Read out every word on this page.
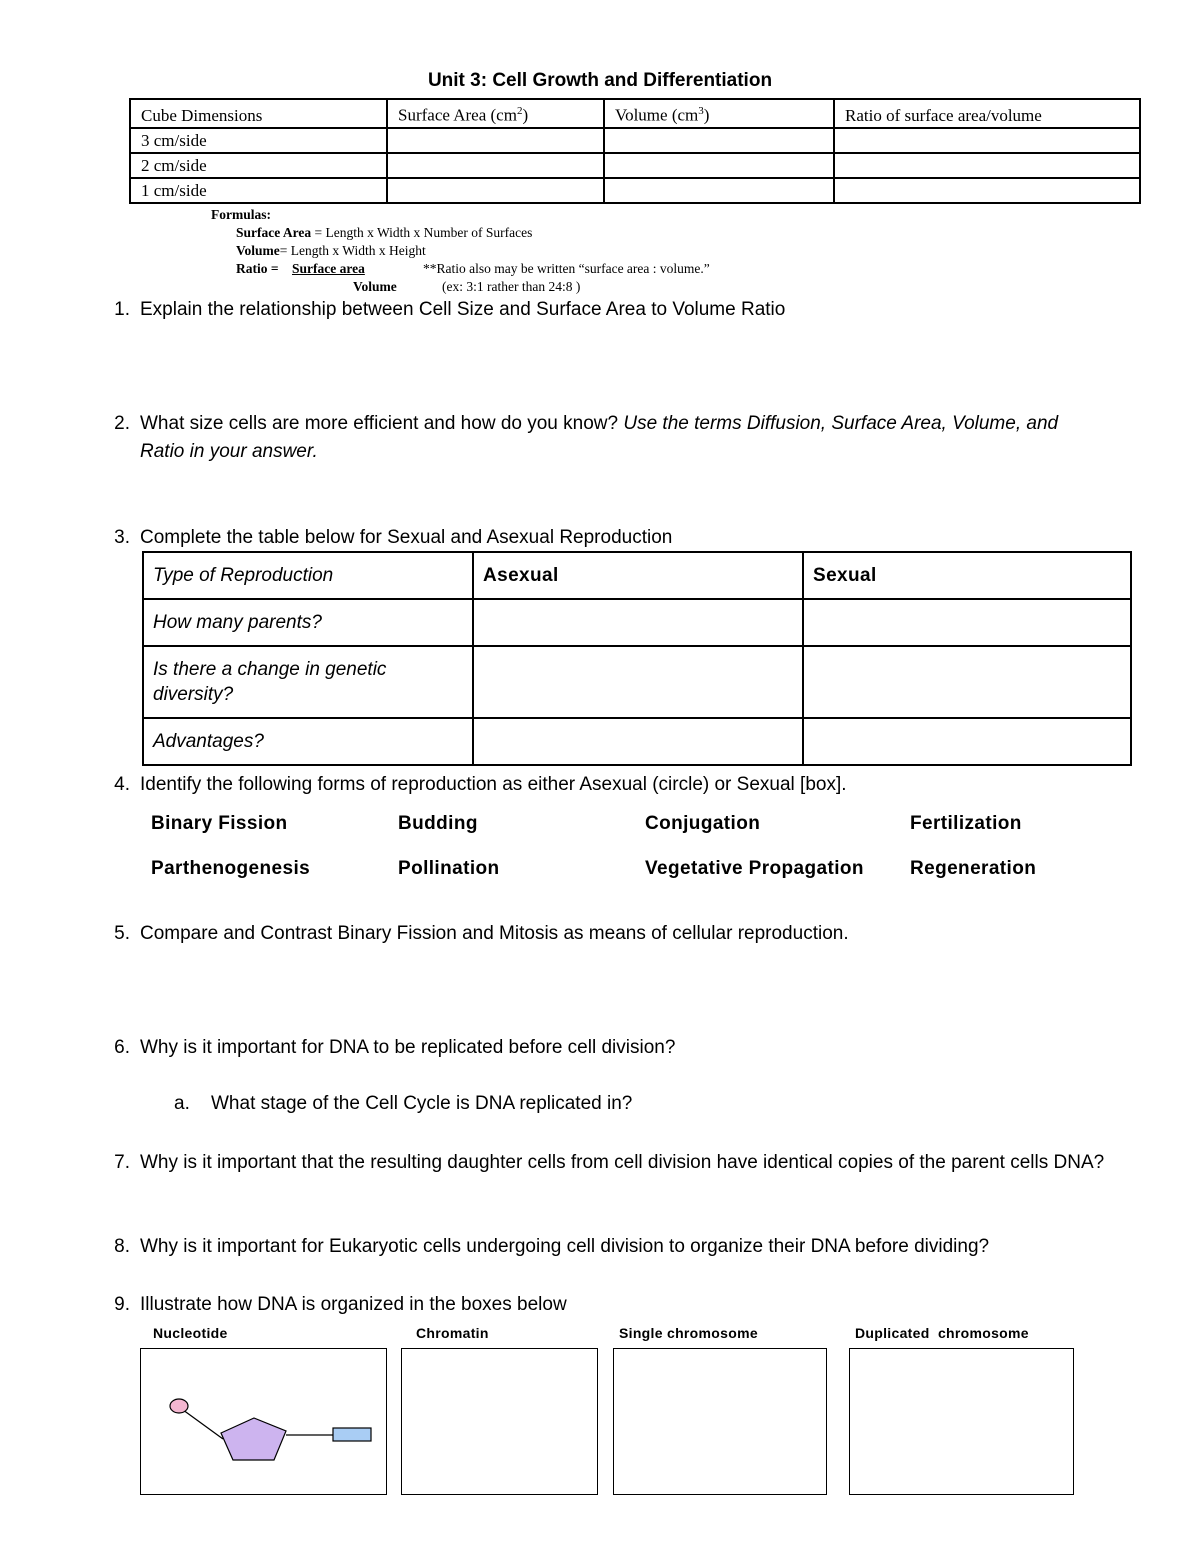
Unit 3: Cell Growth and Differentiation
Cube Dimensions	Surface Area $(cm^2)$	Volume $(cm^3)$	Ratio of surface area/volume
3 cm/side			
2 cm/side			
1 cm/side			
Formulas:
Surface Area = Length x Width x Number of Surfaces
Volume= Length x Width x Height
Ratio = Surface area	**Ratio also may be written “surface area : volume.”
Volume	(ex: 3:1 rather than 24:8 )
1. Explain the relationship between Cell Size and Surface Area to Volume Ratio
2. What size cells are more efficient and how do you know? Use the terms Diffusion, Surface Area, Volume, and Ratio in your answer.
3. Complete the table below for Sexual and Asexual Reproduction
Type of Reproduction	Asexual	Sexual
How many parents?		
Is there a change in genetic diversity?		
Advantages?		
4. Identify the following forms of reproduction as either Asexual (circle) or Sexual [box].
Binary Fission	Budding	Conjugation	Fertilization
Parthenogenesis	Pollination	Vegetative Propagation Regeneration
5. Compare and Contrast Binary Fission and Mitosis as means of cellular reproduction.
6. Why is it important for DNA to be replicated before cell division?
a. What stage of the Cell Cycle is DNA replicated in?
7. Why is it important that the resulting daughter cells from cell division have identical copies of the parent cells DNA?
8. Why is it important for Eukaryotic cells undergoing cell division to organize their DNA before dividing?
9. Illustrate how DNA is organized in the boxes below
Nucleotide	Chromatin	Single chromosome	Duplicated  chromosome
